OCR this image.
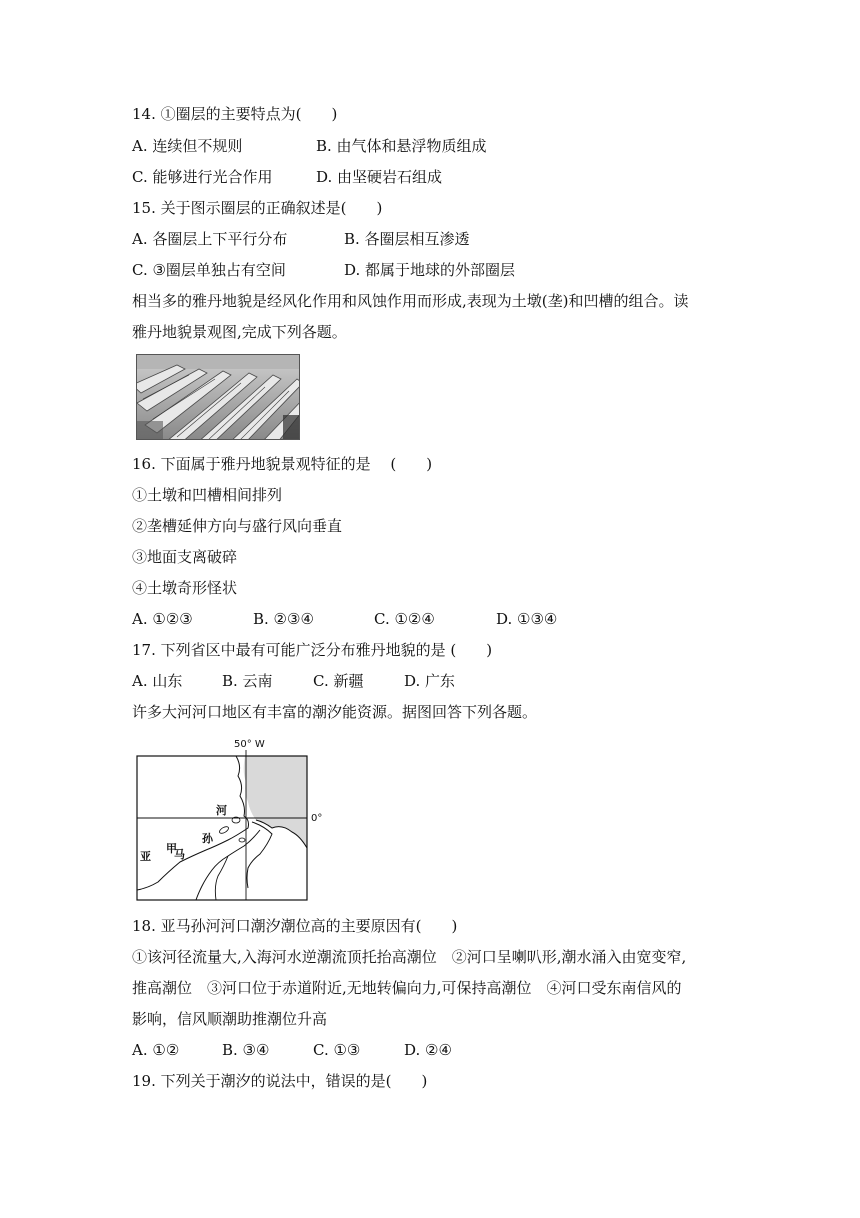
14. ①圈层的主要特点为(　　)
A. 连续但不规则	B. 由气体和悬浮物质组成
C. 能够进行光合作用	D. 由坚硬岩石组成
15. 关于图示圈层的正确叙述是(　　)
A. 各圈层上下平行分布	B. 各圈层相互渗透
C. ③圈层单独占有空间	D. 都属于地球的外部圈层
相当多的雅丹地貌是经风化作用和风蚀作用而形成,表现为土墩(垄)和凹槽的组合。读
雅丹地貌景观图,完成下列各题。
16. 下面属于雅丹地貌景观特征的是　 (　　)
①土墩和凹槽相间排列
②垄槽延伸方向与盛行风向垂直
③地面支离破碎
④土墩奇形怪状
A. ①②③	B. ②③④	C. ①②④	D. ①③④
17. 下列省区中最有可能广泛分布雅丹地貌的是 (　　)
A. 山东	B. 云南	C. 新疆	D. 广东
许多大河河口地区有丰富的潮汐能资源。据图回答下列各题。
50° W
0°
河
孙
甲
马
亚
18. 亚马孙河河口潮汐潮位高的主要原因有(　　)
①该河径流量大,入海河水逆潮流顶托抬高潮位　②河口呈喇叭形,潮水涌入由宽变窄,
推高潮位　③河口位于赤道附近,无地转偏向力,可保持高潮位　④河口受东南信风的
影响，信风顺潮助推潮位升高
A. ①②	B. ③④	C. ①③	D. ②④
19. 下列关于潮汐的说法中，错误的是(　　)
